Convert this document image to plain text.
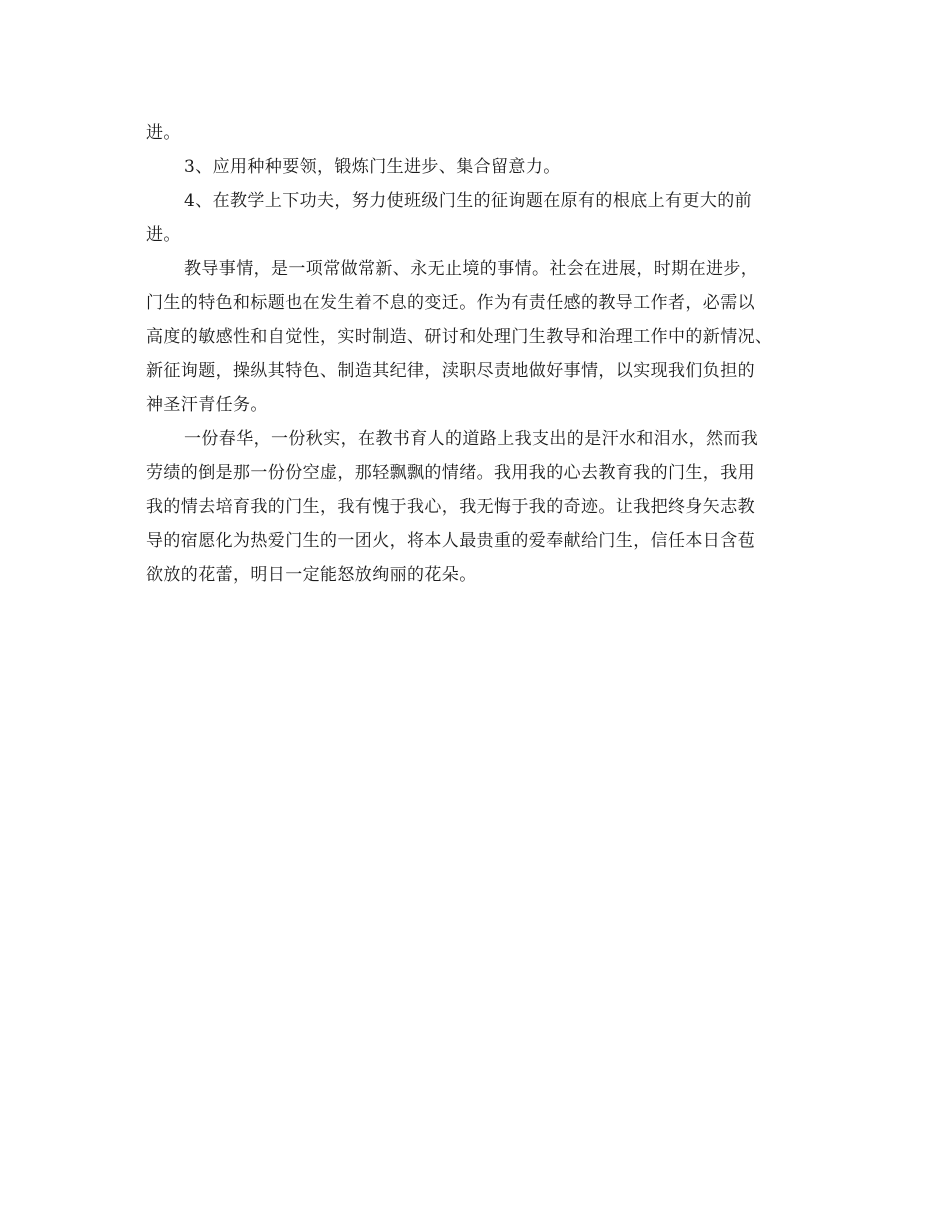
进。
3、应用种种要领，锻炼门生进步、集合留意力。
4、在教学上下功夫，努力使班级门生的征询题在原有的根底上有更大的前
进。
教导事情，是一项常做常新、永无止境的事情。社会在进展，时期在进步，
门生的特色和标题也在发生着不息的变迁。作为有责任感的教导工作者，必需以
高度的敏感性和自觉性，实时制造、研讨和处理门生教导和治理工作中的新情况、
新征询题，操纵其特色、制造其纪律，渎职尽责地做好事情，以实现我们负担的
神圣汗青任务。
一份春华，一份秋实，在教书育人的道路上我支出的是汗水和泪水，然而我
劳绩的倒是那一份份空虚，那轻飘飘的情绪。我用我的心去教育我的门生，我用
我的情去培育我的门生，我有愧于我心，我无悔于我的奇迹。让我把终身矢志教
导的宿愿化为热爱门生的一团火，将本人最贵重的爱奉献给门生，信任本日含苞
欲放的花蕾，明日一定能怒放绚丽的花朵。
